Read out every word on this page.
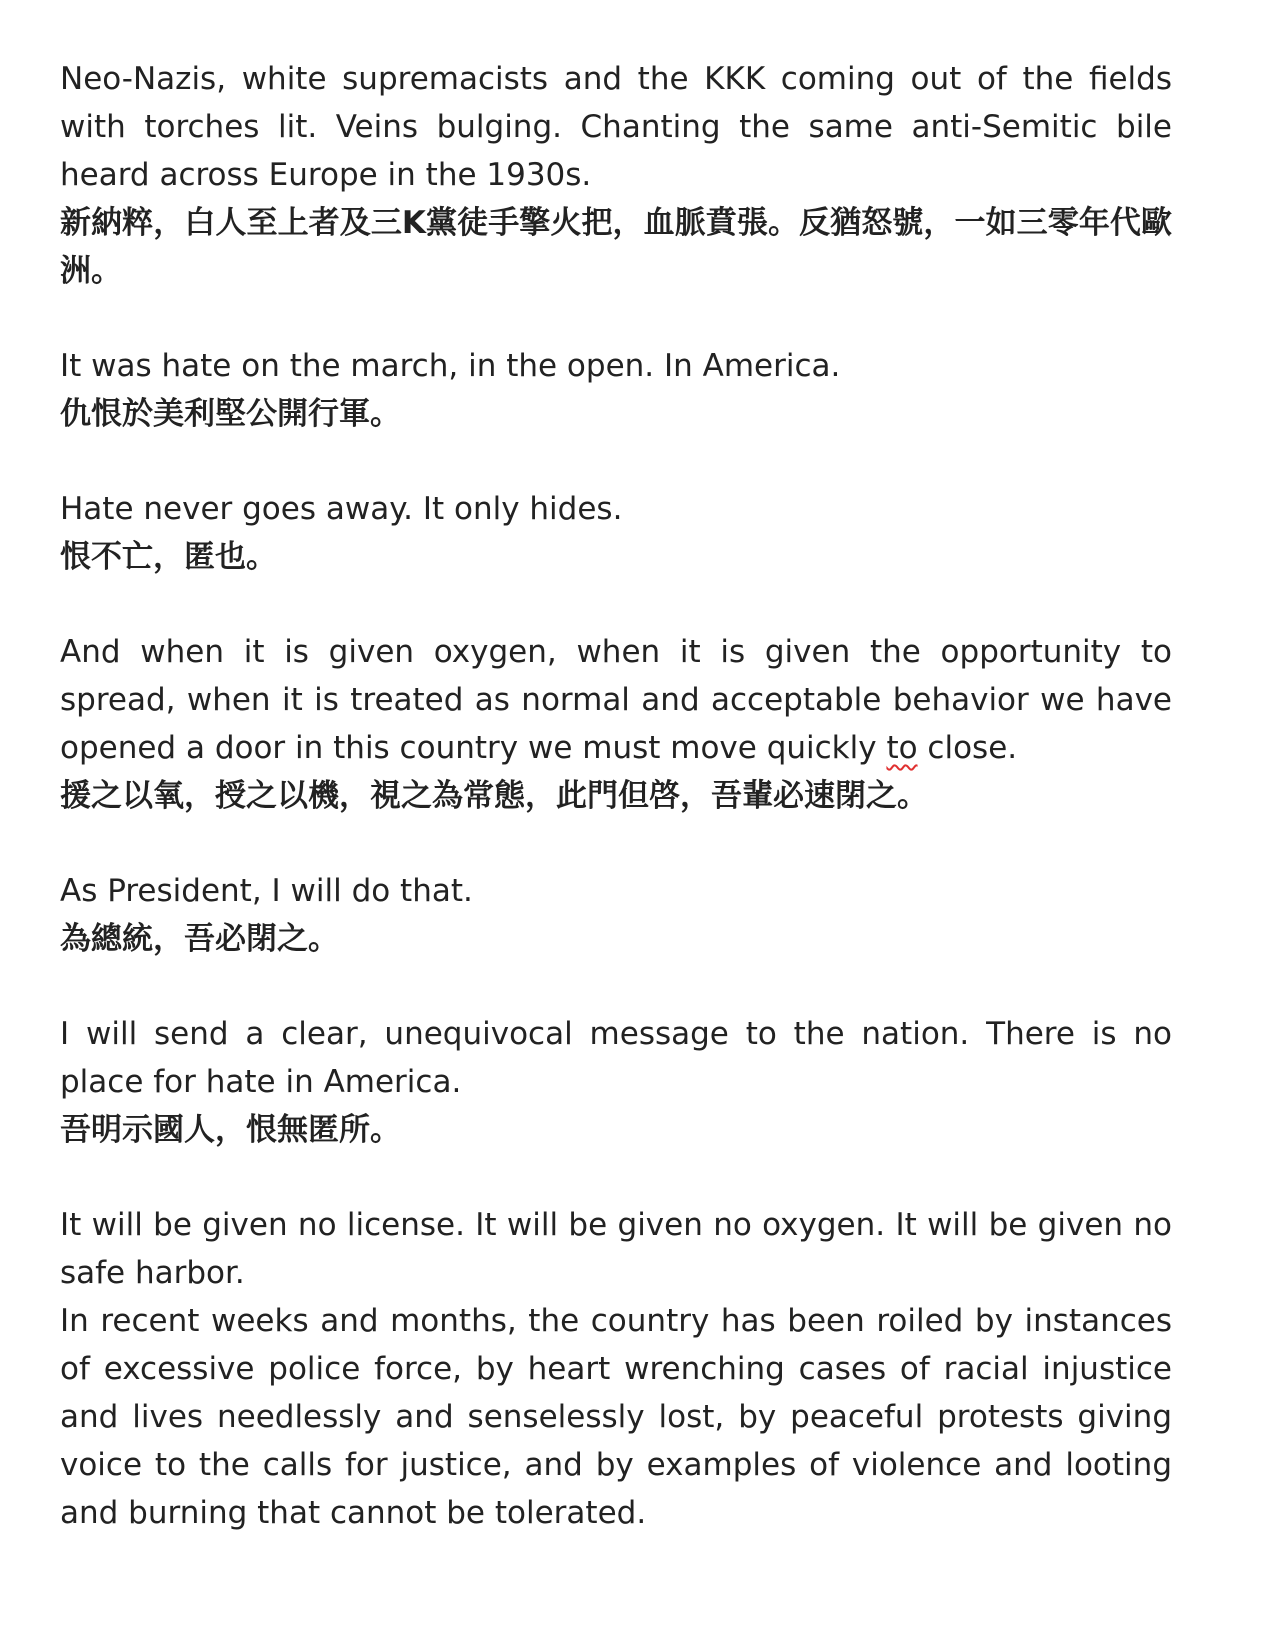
Neo-Nazis, white supremacists and the KKK coming out of the fields with torches lit. Veins bulging. Chanting the same anti-Semitic bile heard across Europe in the 1930s.
新納粹，白人至上者及三K黨徒手擎火把，血脈賁張。反猶怒號，一如三零年代歐洲。
It was hate on the march, in the open. In America.
仇恨於美利堅公開行軍。
Hate never goes away. It only hides.
恨不亡，匿也。
And when it is given oxygen, when it is given the opportunity to spread, when it is treated as normal and acceptable behavior we have opened a door in this country we must move quickly to close.
援之以氧，授之以機，視之為常態，此門但啓，吾輩必速閉之。
As President, I will do that.
為總統，吾必閉之。
I will send a clear, unequivocal message to the nation. There is no place for hate in America.
吾明示國人，恨無匿所。
It will be given no license. It will be given no oxygen. It will be given no safe harbor.
In recent weeks and months, the country has been roiled by instances of excessive police force, by heart wrenching cases of racial injustice and lives needlessly and senselessly lost, by peaceful protests giving voice to the calls for justice, and by examples of violence and looting and burning that cannot be tolerated.
